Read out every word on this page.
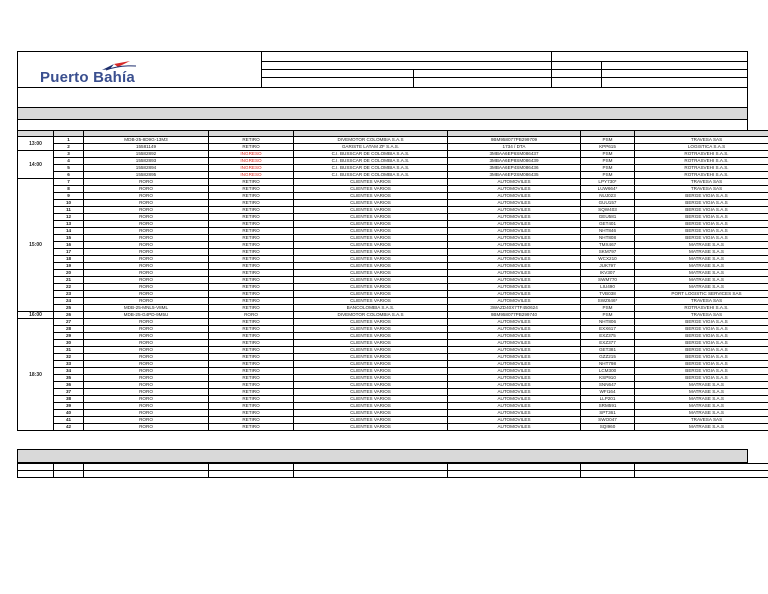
Puerto Bahía

13:00	1	MDB-25-8D9G-13M3	RETIRO	DIVEMOTOR COLOMBIA S.A.S	9BM958077PB299709	PSM	TRAVESA SAS
	2	15581149	RETIRO	GARISTE LATAM ZF S.A.S.	1734 / DTA	KPP615	LOGISTICA S.A.S
14:00	3	15582892	INGRESO	C.I. BUSSCAR DE COLOMBIA S.A.S.	3MBAA6EP6SM086437	PSM	ROTRASVEHI S.A.S.
	4	15582893	INGRESO	C.I. BUSSCAR DE COLOMBIA S.A.S.	3MBAA6EP8SM086439	PSM	ROTRASVEHI S.A.S.
	5	15582894	INGRESO	C.I. BUSSCAR DE COLOMBIA S.A.S.	3MBAA6EP4SM086436	PSM	ROTRASVEHI S.A.S.
	6	15582895	INGRESO	C.I. BUSSCAR DE COLOMBIA S.A.S.	3MBAA6EP2SM086435	PSM	ROTRASVEHI S.A.S.
15:00	7	RORO	RETIRO	CLIENTES VARIOS	AUTOMOVILES	LPY730*	TRAVESA SAS
	8	RORO	RETIRO	CLIENTES VARIOS	AUTOMOVILES	LUW664*	TRAVESA SAS
	9	RORO	RETIRO	CLIENTES VARIOS	AUTOMOVILES	NUJ023	BERGE VIGIA S.A.S
	10	RORO	RETIRO	CLIENTES VARIOS	AUTOMOVILES	GUU157	BERGE VIGIA S.A.S
	11	RORO	RETIRO	CLIENTES VARIOS	AUTOMOVILES	SQW403	BERGE VIGIA S.A.S
	12	RORO	RETIRO	CLIENTES VARIOS	AUTOMOVILES	GEU581	BERGE VIGIA S.A.S
	13	RORO	RETIRO	CLIENTES VARIOS	AUTOMOVILES	GET401	BERGE VIGIA S.A.S
	14	RORO	RETIRO	CLIENTES VARIOS	AUTOMOVILES	NHT846	BERGE VIGIA S.A.S
	15	RORO	RETIRO	CLIENTES VARIOS	AUTOMOVILES	NHT808	BERGE VIGIA S.A.S
	16	RORO	RETIRO	CLIENTES VARIOS	AUTOMOVILES	TMX467	MATRASE S.A.S
	17	RORO	RETIRO	CLIENTES VARIOS	AUTOMOVILES	SKM797	MATRASE S.A.S
	18	RORO	RETIRO	CLIENTES VARIOS	AUTOMOVILES	WCX210	MATRASE S.A.S
	19	RORO	RETIRO	CLIENTES VARIOS	AUTOMOVILES	JUK797	MATRASE S.A.S
	20	RORO	RETIRO	CLIENTES VARIOS	AUTOMOVILES	IKV307	MATRASE S.A.S
	21	RORO	RETIRO	CLIENTES VARIOS	AUTOMOVILES	SWM770	MATRASE S.A.S
	22	RORO	RETIRO	CLIENTES VARIOS	AUTOMOVILES	LIU490	MATRASE S.A.S
	23	RORO	RETIRO	CLIENTES VARIOS	AUTOMOVILES	TVB038	PORT LOGISTIC SERVICES SAS
	24	RORO	RETIRO	CLIENTES VARIOS	AUTOMOVILES	SWZ646*	TRAVESA SAS
	25	MDB-25-MNL5-V8ML	RETIRO	BANCOLOMBIA S.A.S.	3WAZD40X7TF450624	PSM	ROTRASVEHI S.A.S.
16:00	26	MDB-25-G4PD-9M5U	RORO	DIVEMOTOR COLOMBIA S.A.S	9BM958077PB299740	PSM	TRAVESA SAS
18:30	27	RORO	RETIRO	CLIENTES VARIOS	AUTOMOVILES	NHT806	BERGE VIGIA S.A.S
	28	RORO	RETIRO	CLIENTES VARIOS	AUTOMOVILES	EXX617	BERGE VIGIA S.A.S
	29	RORO	RETIRO	CLIENTES VARIOS	AUTOMOVILES	EXZ375	BERGE VIGIA S.A.S
	30	RORO	RETIRO	CLIENTES VARIOS	AUTOMOVILES	EXZ377	BERGE VIGIA S.A.S
	31	RORO	RETIRO	CLIENTES VARIOS	AUTOMOVILES	GET381	BERGE VIGIA S.A.S
	32	RORO	RETIRO	CLIENTES VARIOS	AUTOMOVILES	GZZ215	BERGE VIGIA S.A.S
	33	RORO	RETIRO	CLIENTES VARIOS	AUTOMOVILES	NHT798	BERGE VIGIA S.A.S
	34	RORO	RETIRO	CLIENTES VARIOS	AUTOMOVILES	LCM300	BERGE VIGIA S.A.S
	35	RORO	RETIRO	CLIENTES VARIOS	AUTOMOVILES	KSP910	BERGE VIGIA S.A.S
	36	RORO	RETIRO	CLIENTES VARIOS	AUTOMOVILES	SNN647	MATRASE S.A.S
	37	RORO	RETIRO	CLIENTES VARIOS	AUTOMOVILES	WFI164	MATRASE S.A.S
	38	RORO	RETIRO	CLIENTES VARIOS	AUTOMOVILES	LLP201	MATRASE S.A.S
	39	RORO	RETIRO	CLIENTES VARIOS	AUTOMOVILES	SRM591	MATRASE S.A.S
	40	RORO	RETIRO	CLIENTES VARIOS	AUTOMOVILES	SPT361	MATRASE S.A.S
	41	RORO	RETIRO	CLIENTES VARIOS	AUTOMOVILES	SWO047	TRAVESA SAS
	42	RORO	RETIRO	CLIENTES VARIOS	AUTOMOVILES	SQI960	MATRASE S.A.S
